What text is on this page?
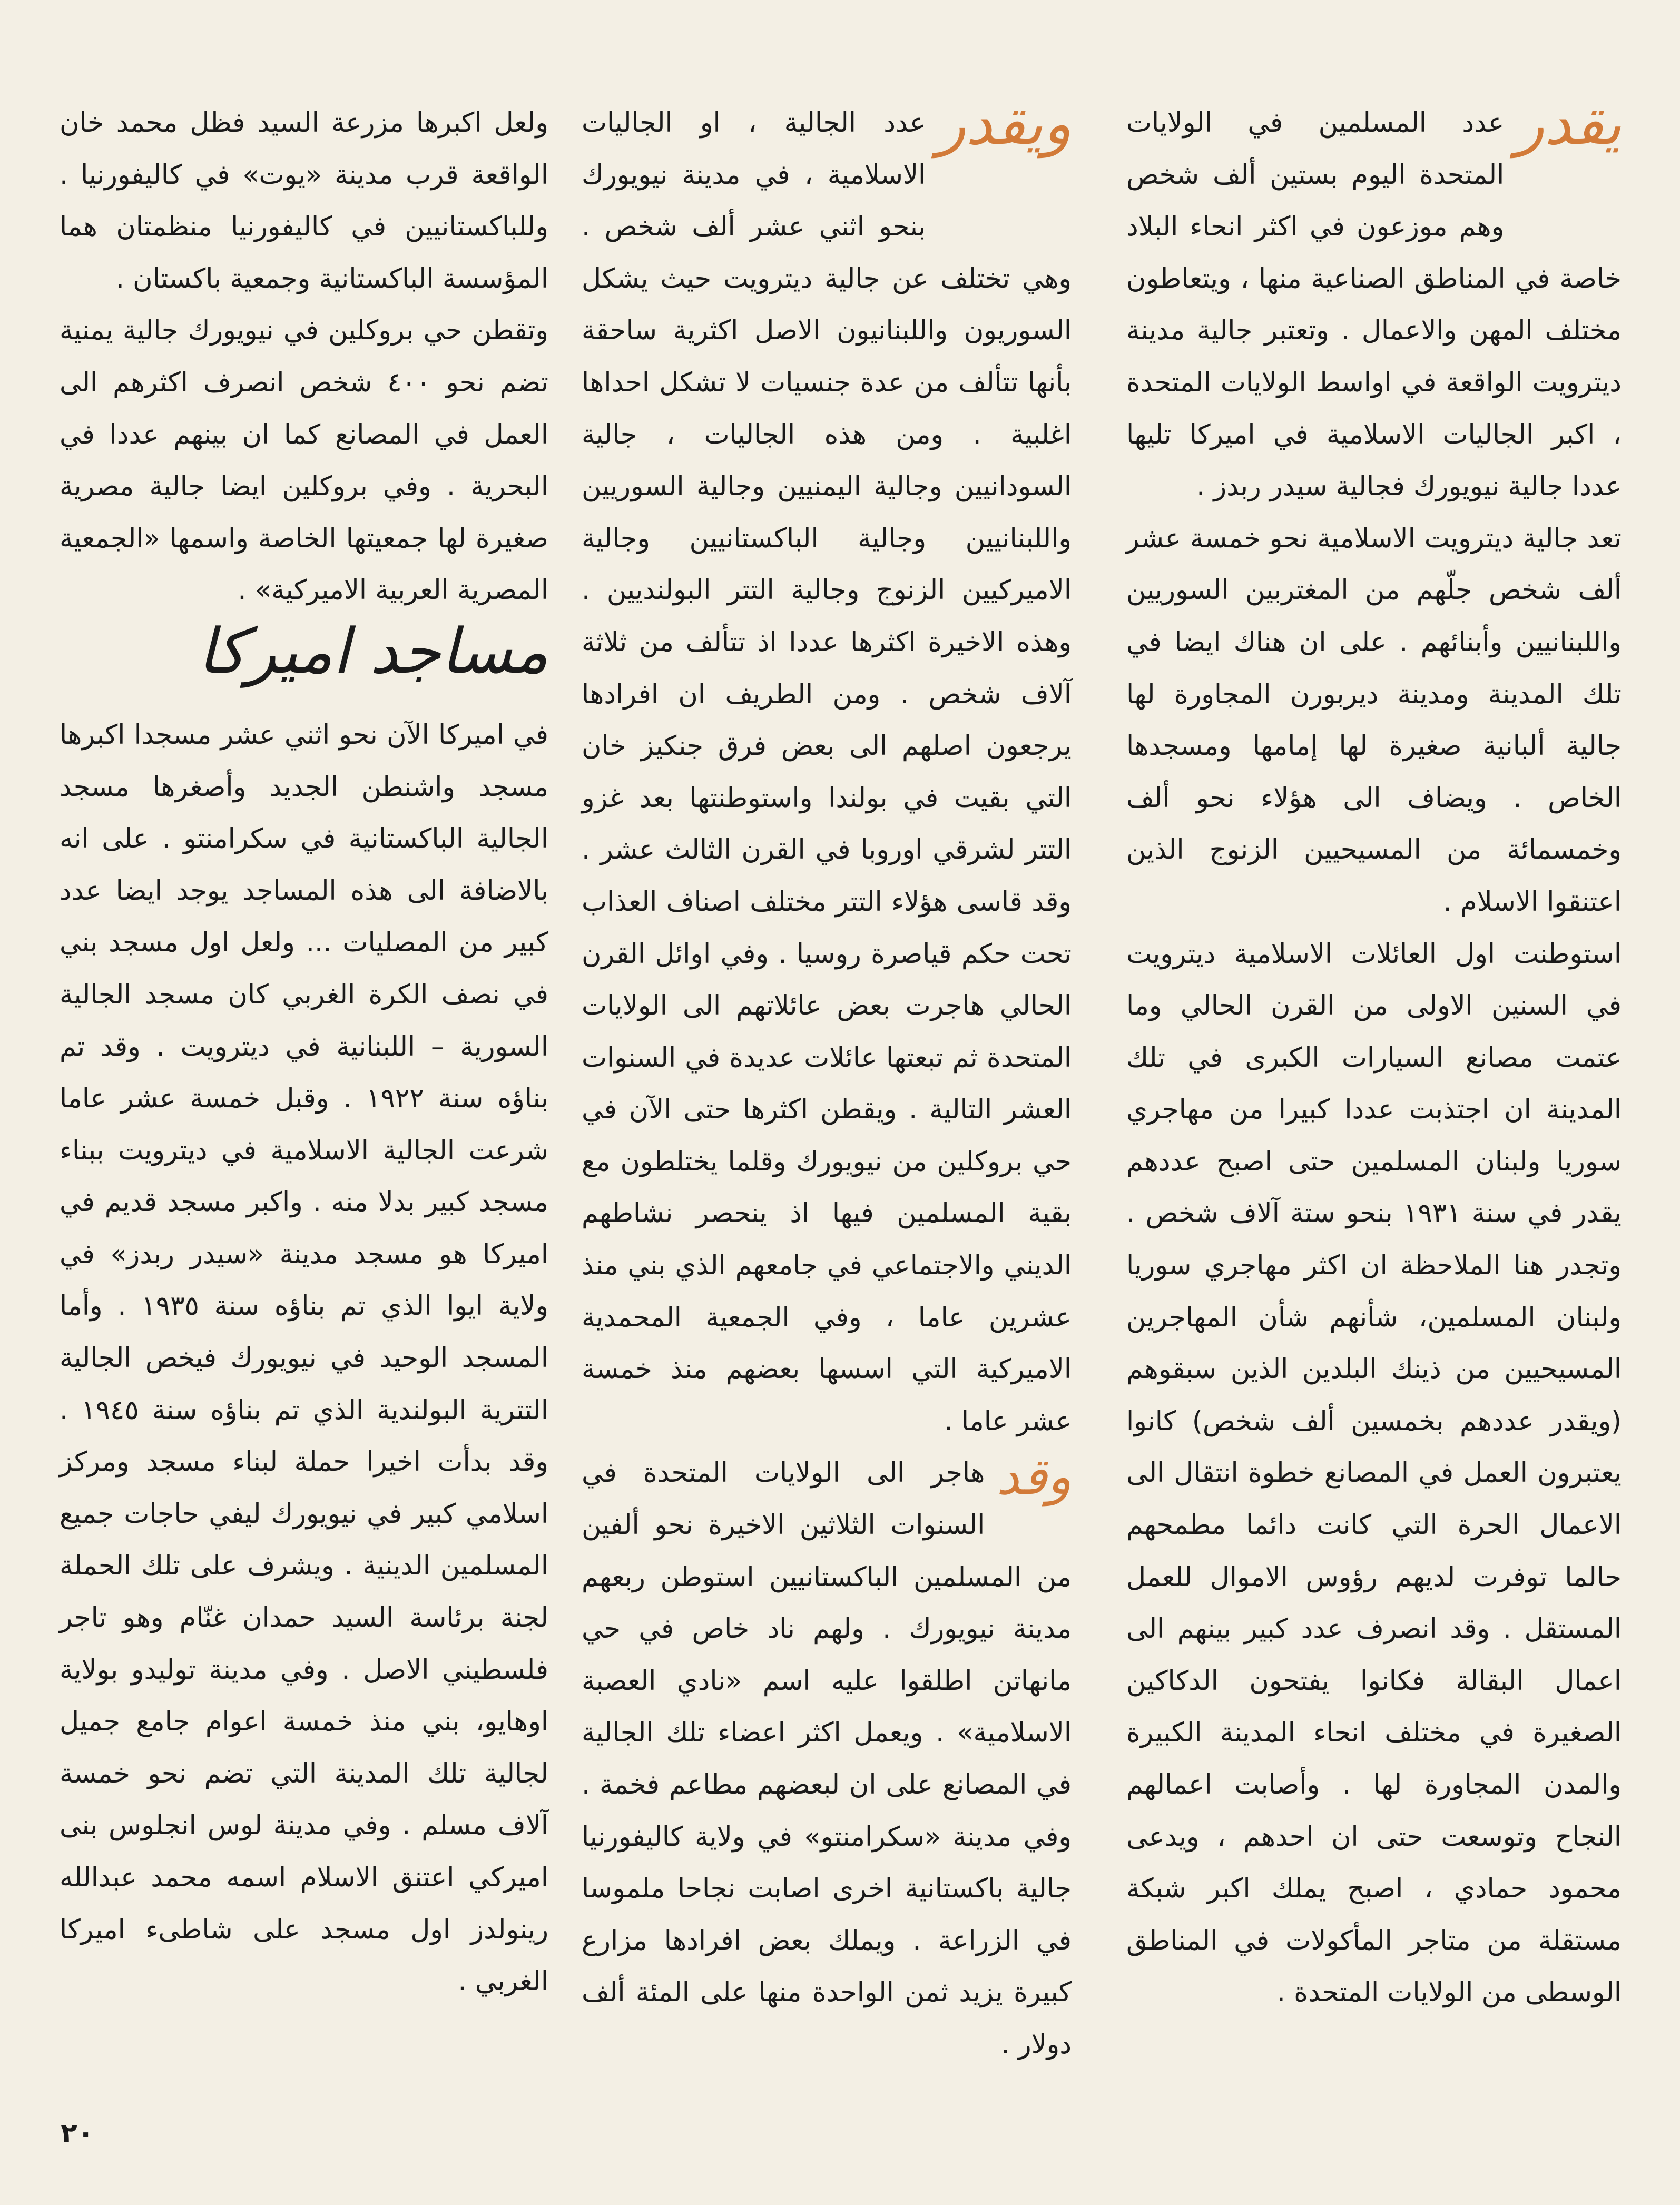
يقدر

عدد المسلمين في الولايات المتحدة اليوم بستين ألف شخص وهم موزعون في اكثر انحاء البلاد خاصة في المناطق الصناعية منها ، ويتعاطون مختلف المهن والاعمال . وتعتبر جالية مدينة ديترويت الواقعة في اواسط الولايات المتحدة ، اكبر الجاليات الاسلامية في اميركا تليها عددا جالية نيويورك فجالية سيدر ربدز .

تعد جالية ديترويت الاسلامية نحو خمسة عشر ألف شخص جلّهم من المغتربين السوريين واللبنانيين وأبنائهم . على ان هناك ايضا في تلك المدينة ومدينة ديربورن المجاورة لها جالية ألبانية صغيرة لها إمامها ومسجدها الخاص . ويضاف الى هؤلاء نحو ألف وخمسمائة من المسيحيين الزنوج الذين اعتنقوا الاسلام .

استوطنت اول العائلات الاسلامية ديترويت في السنين الاولى من القرن الحالي وما عتمت مصانع السيارات الكبرى في تلك المدينة ان اجتذبت عددا كبيرا من مهاجري سوريا ولبنان المسلمين حتى اصبح عددهم يقدر في سنة ١٩٣١ بنحو ستة آلاف شخص . وتجدر هنا الملاحظة ان اكثر مهاجري سوريا ولبنان المسلمين، شأنهم شأن المهاجرين المسيحيين من ذينك البلدين الذين سبقوهم (ويقدر عددهم بخمسين ألف شخص) كانوا يعتبرون العمل في المصانع خطوة انتقال الى الاعمال الحرة التي كانت دائما مطمحهم حالما توفرت لديهم رؤوس الاموال للعمل المستقل . وقد انصرف عدد كبير بينهم الى اعمال البقالة فكانوا يفتحون الدكاكين الصغيرة في مختلف انحاء المدينة الكبيرة والمدن المجاورة لها . وأصابت اعمالهم النجاح وتوسعت حتى ان احدهم ، ويدعى محمود حمادي ، اصبح يملك اكبر شبكة مستقلة من متاجر المأكولات في المناطق الوسطى من الولايات المتحدة .

ويقدر

عدد الجالية ، او الجاليات الاسلامية ، في مدينة نيويورك بنحو اثني عشر ألف شخص . وهي تختلف عن جالية ديترويت حيث يشكل السوريون واللبنانيون الاصل اكثرية ساحقة بأنها تتألف من عدة جنسيات لا تشكل احداها اغلبية . ومن هذه الجاليات ، جالية السودانيين وجالية اليمنيين وجالية السوريين واللبنانيين وجالية الباكستانيين وجالية الاميركيين الزنوج وجالية التتر البولنديين . وهذه الاخيرة اكثرها عددا اذ تتألف من ثلاثة آلاف شخص . ومن الطريف ان افرادها يرجعون اصلهم الى بعض فرق جنكيز خان التي بقيت في بولندا واستوطنتها بعد غزو التتر لشرقي اوروبا في القرن الثالث عشر . وقد قاسى هؤلاء التتر مختلف اصناف العذاب تحت حكم قياصرة روسيا . وفي اوائل القرن الحالي هاجرت بعض عائلاتهم الى الولايات المتحدة ثم تبعتها عائلات عديدة في السنوات العشر التالية . ويقطن اكثرها حتى الآن في حي بروكلين من نيويورك وقلما يختلطون مع بقية المسلمين فيها اذ ينحصر نشاطهم الديني والاجتماعي في جامعهم الذي بني منذ عشرين عاما ، وفي الجمعية المحمدية الاميركية التي اسسها بعضهم منذ خمسة عشر عاما .

وقد

هاجر الى الولايات المتحدة في السنوات الثلاثين الاخيرة نحو ألفين من المسلمين الباكستانيين استوطن ربعهم مدينة نيويورك . ولهم ناد خاص في حي مانهاتن اطلقوا عليه اسم «نادي العصبة الاسلامية» . ويعمل اكثر اعضاء تلك الجالية في المصانع على ان لبعضهم مطاعم فخمة . وفي مدينة «سكرامنتو» في ولاية كاليفورنيا جالية باكستانية اخرى اصابت نجاحا ملموسا في الزراعة . ويملك بعض افرادها مزارع كبيرة يزيد ثمن الواحدة منها على المئة ألف دولار .

ولعل اكبرها مزرعة السيد فظل محمد خان الواقعة قرب مدينة «يوت» في كاليفورنيا . وللباكستانيين في كاليفورنيا منظمتان هما المؤسسة الباكستانية وجمعية باكستان .

وتقطن حي بروكلين في نيويورك جالية يمنية تضم نحو ٤٠٠ شخص انصرف اكثرهم الى العمل في المصانع كما ان بينهم عددا في البحرية . وفي بروكلين ايضا جالية مصرية صغيرة لها جمعيتها الخاصة واسمها «الجمعية المصرية العربية الاميركية» .

مساجد اميركا

في اميركا الآن نحو اثني عشر مسجدا اكبرها مسجد واشنطن الجديد وأصغرها مسجد الجالية الباكستانية في سكرامنتو . على انه بالاضافة الى هذه المساجد يوجد ايضا عدد كبير من المصليات ... ولعل اول مسجد بني في نصف الكرة الغربي كان مسجد الجالية السورية – اللبنانية في ديترويت . وقد تم بناؤه سنة ١٩٢٢ . وقبل خمسة عشر عاما شرعت الجالية الاسلامية في ديترويت ببناء مسجد كبير بدلا منه . واكبر مسجد قديم في اميركا هو مسجد مدينة «سيدر ربدز» في ولاية ايوا الذي تم بناؤه سنة ١٩٣٥ . وأما المسجد الوحيد في نيويورك فيخص الجالية التترية البولندية الذي تم بناؤه سنة ١٩٤٥ . وقد بدأت اخيرا حملة لبناء مسجد ومركز اسلامي كبير في نيويورك ليفي حاجات جميع المسلمين الدينية . ويشرف على تلك الحملة لجنة برئاسة السيد حمدان غنّام وهو تاجر فلسطيني الاصل . وفي مدينة توليدو بولاية اوهايو، بني منذ خمسة اعوام جامع جميل لجالية تلك المدينة التي تضم نحو خمسة آلاف مسلم . وفي مدينة لوس انجلوس بنى اميركي اعتنق الاسلام اسمه محمد عبدالله رينولدز اول مسجد على شاطىء اميركا الغربي .

٢٠
